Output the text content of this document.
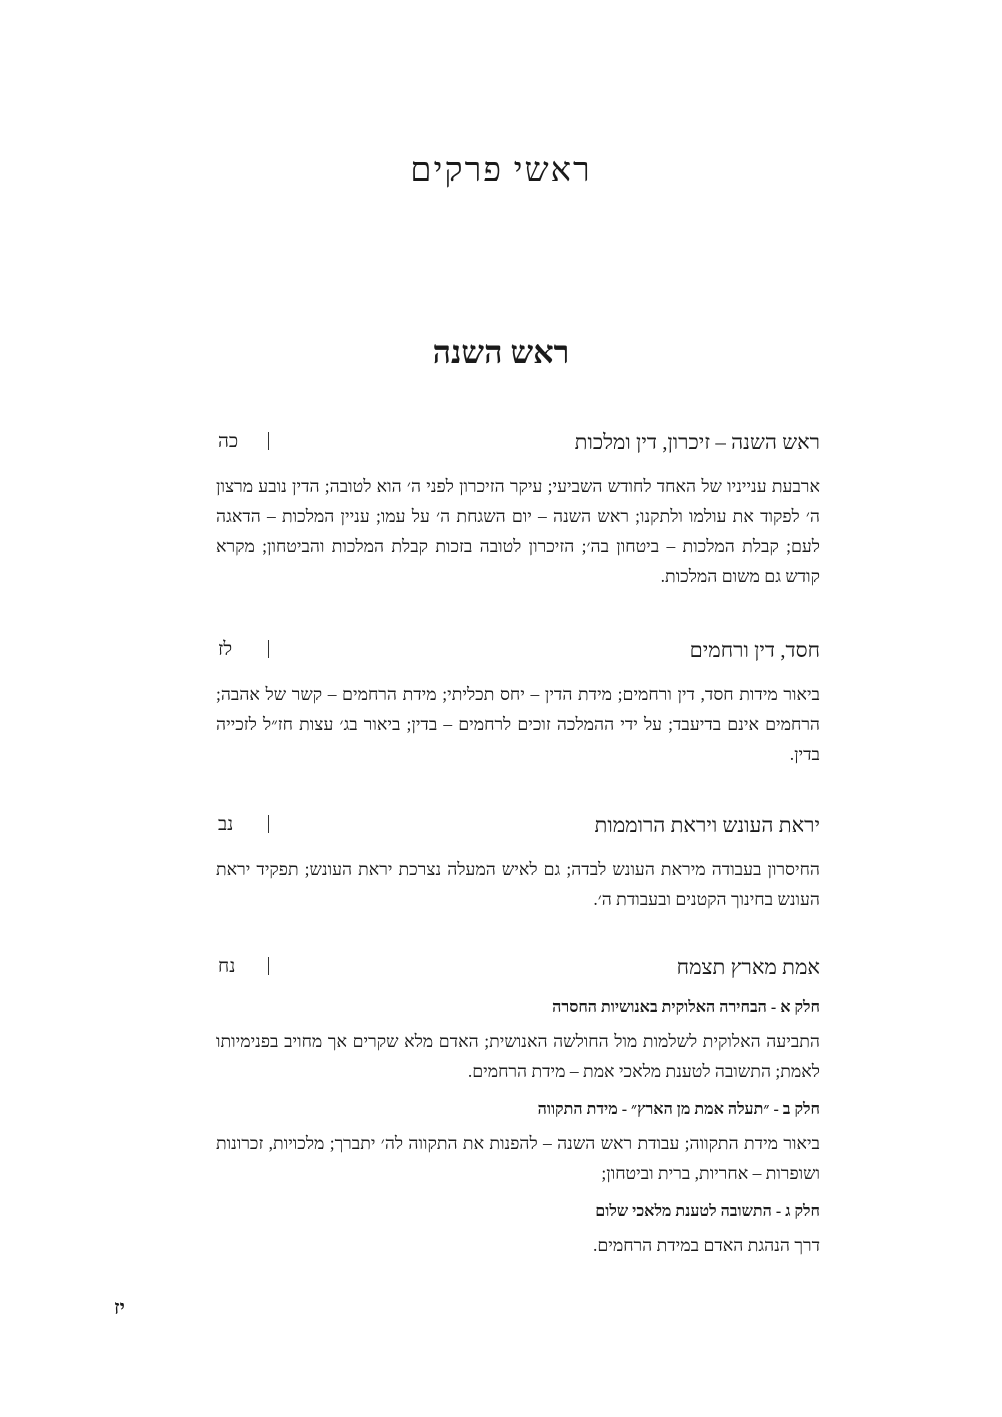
ראשי פרקים
ראש השנה
ראש השנה – זיכרון, דין ומלכות
כה

ארבעת ענייניו של האחד לחודש השביעי; עיקר הזיכרון לפני ה׳ הוא לטובה; הדין נובע מרצון ה׳ לפקוד את עולמו ולתקנו; ראש השנה – יום השגחת ה׳ על עמו; עניין המלכות – הדאגה לעם; קבלת המלכות – ביטחון בה׳; הזיכרון לטובה בזכות קבלת המלכות והביטחון; מקרא קודש גם משום המלכות.

חסד, דין ורחמים
לז

ביאור מידות חסד, דין ורחמים; מידת הדין – יחס תכליתי; מידת הרחמים – קשר של אהבה; הרחמים אינם בדיעבד; על ידי ההמלכה זוכים לרחמים – בדין; ביאור בג׳ עצות חז״ל לזכייה בדין.

יראת העונש ויראת הרוממות
נב

החיסרון בעבודה מיראת העונש לבדה; גם לאיש המעלה נצרכת יראת העונש; תפקיד יראת העונש בחינוך הקטנים ובעבודת ה׳.

אמת מארץ תצמח
נח

חלק א - הבחירה האלוקית באנושיות החסרה

התביעה האלוקית לשלמות מול החולשה האנושית; האדם מלא שקרים אך מחויב בפנימיותו לאמת; התשובה לטענת מלאכי אמת – מידת הרחמים.

חלק ב - ״תעלה אמת מן הארץ״ - מידת התקווה

ביאור מידת התקווה; עבודת ראש השנה – להפנות את התקווה לה׳ יתברך; מלכויות, זכרונות ושופרות – אחריות, ברית וביטחון;

חלק ג - התשובה לטענת מלאכי שלום

דרך הנהגת האדם במידת הרחמים.

יז
